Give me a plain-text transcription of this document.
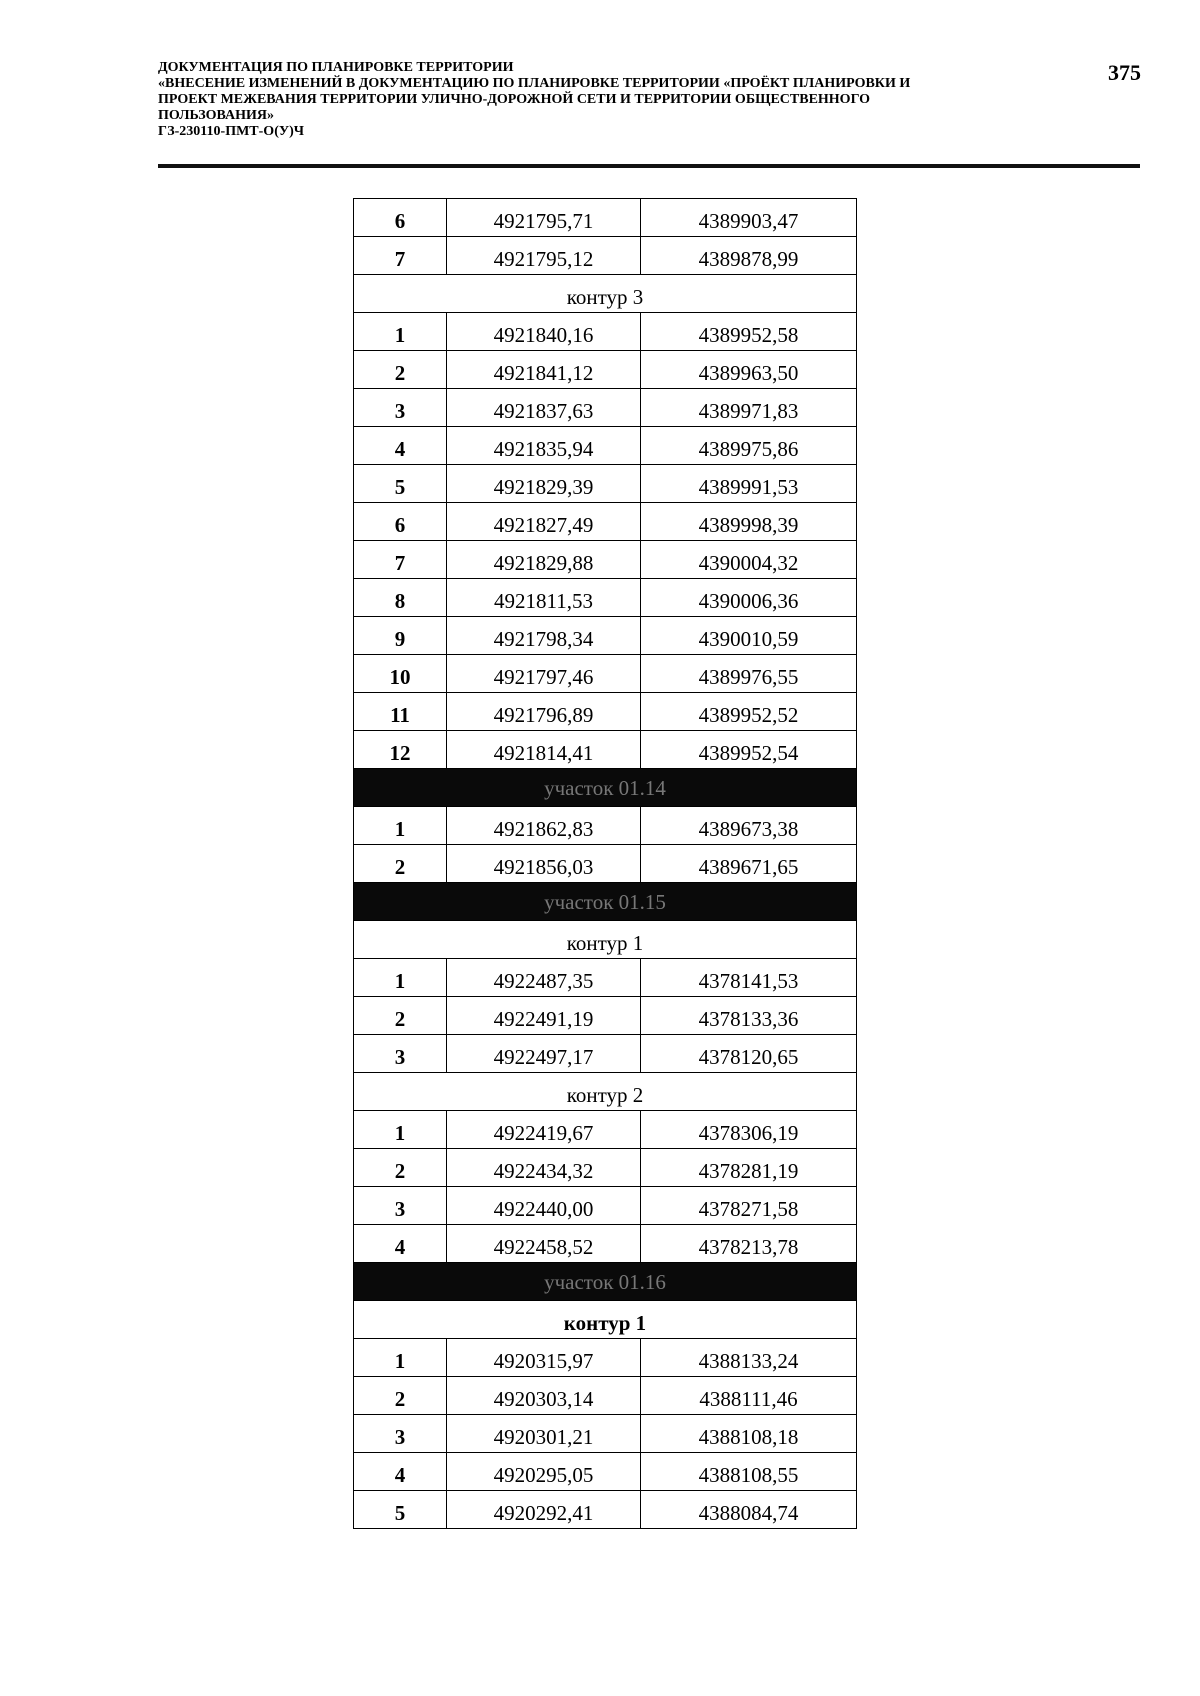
ДОКУМЕНТАЦИЯ ПО ПЛАНИРОВКЕ ТЕРРИТОРИИ
«ВНЕСЕНИЕ ИЗМЕНЕНИЙ В ДОКУМЕНТАЦИЮ ПО ПЛАНИРОВКЕ ТЕРРИТОРИИ «ПРОЁКТ ПЛАНИРОВКИ И
ПРОЕКТ МЕЖЕВАНИЯ ТЕРРИТОРИИ УЛИЧНО-ДОРОЖНОЙ СЕТИ И ТЕРРИТОРИИ ОБЩЕСТВЕННОГО
ПОЛЬЗОВАНИЯ»
ГЗ-230110-ПМТ-О(У)Ч
375
6	4921795,71	4389903,47
7	4921795,12	4389878,99
контур 3		
1	4921840,16	4389952,58
2	4921841,12	4389963,50
3	4921837,63	4389971,83
4	4921835,94	4389975,86
5	4921829,39	4389991,53
6	4921827,49	4389998,39
7	4921829,88	4390004,32
8	4921811,53	4390006,36
9	4921798,34	4390010,59
10	4921797,46	4389976,55
11	4921796,89	4389952,52
12	4921814,41	4389952,54
участок 01.14		
1	4921862,83	4389673,38
2	4921856,03	4389671,65
участок 01.15		
контур 1		
1	4922487,35	4378141,53
2	4922491,19	4378133,36
3	4922497,17	4378120,65
контур 2		
1	4922419,67	4378306,19
2	4922434,32	4378281,19
3	4922440,00	4378271,58
4	4922458,52	4378213,78
участок 01.16		
контур 1		
1	4920315,97	4388133,24
2	4920303,14	4388111,46
3	4920301,21	4388108,18
4	4920295,05	4388108,55
5	4920292,41	4388084,74
